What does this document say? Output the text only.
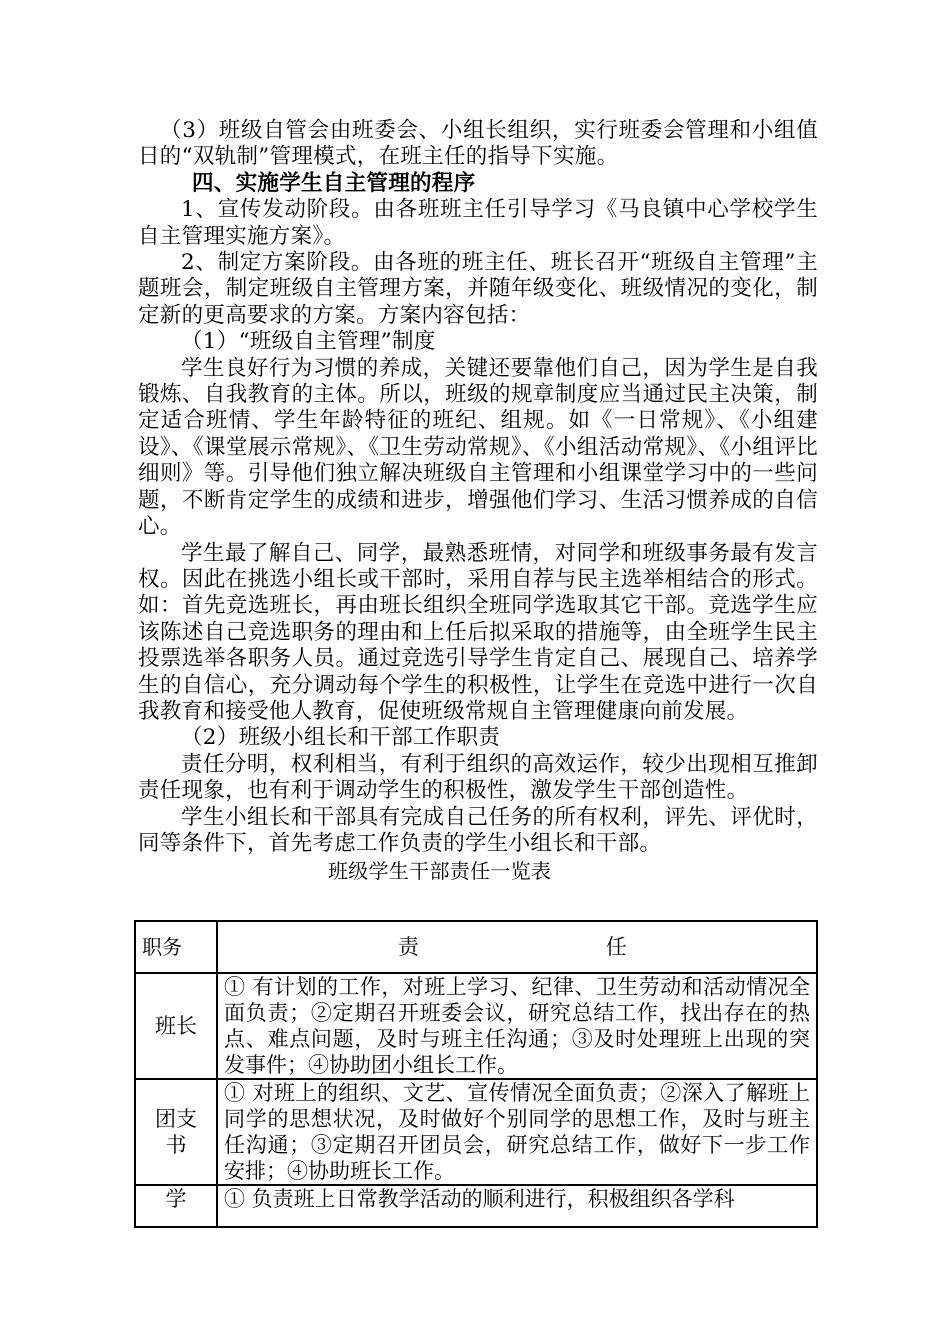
（3）班级自管会由班委会、小组长组织，实行班委会管理和小组值日的“双轨制”管理模式，在班主任的指导下实施。

四、实施学生自主管理的程序

1、宣传发动阶段。由各班班主任引导学习《马良镇中心学校学生自主管理实施方案》。

2、制定方案阶段。由各班的班主任、班长召开“班级自主管理”主题班会，制定班级自主管理方案，并随年级变化、班级情况的变化，制定新的更高要求的方案。方案内容包括：

（1）“班级自主管理”制度

学生良好行为习惯的养成，关键还要靠他们自己，因为学生是自我锻炼、自我教育的主体。所以，班级的规章制度应当通过民主决策，制定适合班情、学生年龄特征的班纪、组规。如《一日常规》、《小组建设》、《课堂展示常规》、《卫生劳动常规》、《小组活动常规》、《小组评比细则》等。引导他们独立解决班级自主管理和小组课堂学习中的一些问题，不断肯定学生的成绩和进步，增强他们学习、生活习惯养成的自信心。

学生最了解自己、同学，最熟悉班情，对同学和班级事务最有发言权。因此在挑选小组长或干部时，采用自荐与民主选举相结合的形式。如：首先竞选班长，再由班长组织全班同学选取其它干部。竞选学生应该陈述自己竞选职务的理由和上任后拟采取的措施等，由全班学生民主投票选举各职务人员。通过竞选引导学生肯定自己、展现自己、培养学生的自信心，充分调动每个学生的积极性，让学生在竞选中进行一次自我教育和接受他人教育，促使班级常规自主管理健康向前发展。

（2）班级小组长和干部工作职责

责任分明，权利相当，有利于组织的高效运作，较少出现相互推卸责任现象，也有利于调动学生的积极性，激发学生干部创造性。

学生小组长和干部具有完成自己任务的所有权利，评先、评优时，同等条件下，首先考虑工作负责的学生小组长和干部。

班级学生干部责任一览表

职务	责 任
班长	① 有计划的工作，对班上学习、纪律、卫生劳动和活动情况全面负责；②定期召开班委会议，研究总结工作，找出存在的热点、难点问题，及时与班主任沟通；③及时处理班上出现的突发事件；④协助团小组长工作。
团支书	① 对班上的组织、文艺、宣传情况全面负责；②深入了解班上同学的思想状况，及时做好个别同学的思想工作，及时与班主任沟通；③定期召开团员会，研究总结工作，做好下一步工作安排；④协助班长工作。
学	① 负责班上日常教学活动的顺利进行，积极组织各学科
